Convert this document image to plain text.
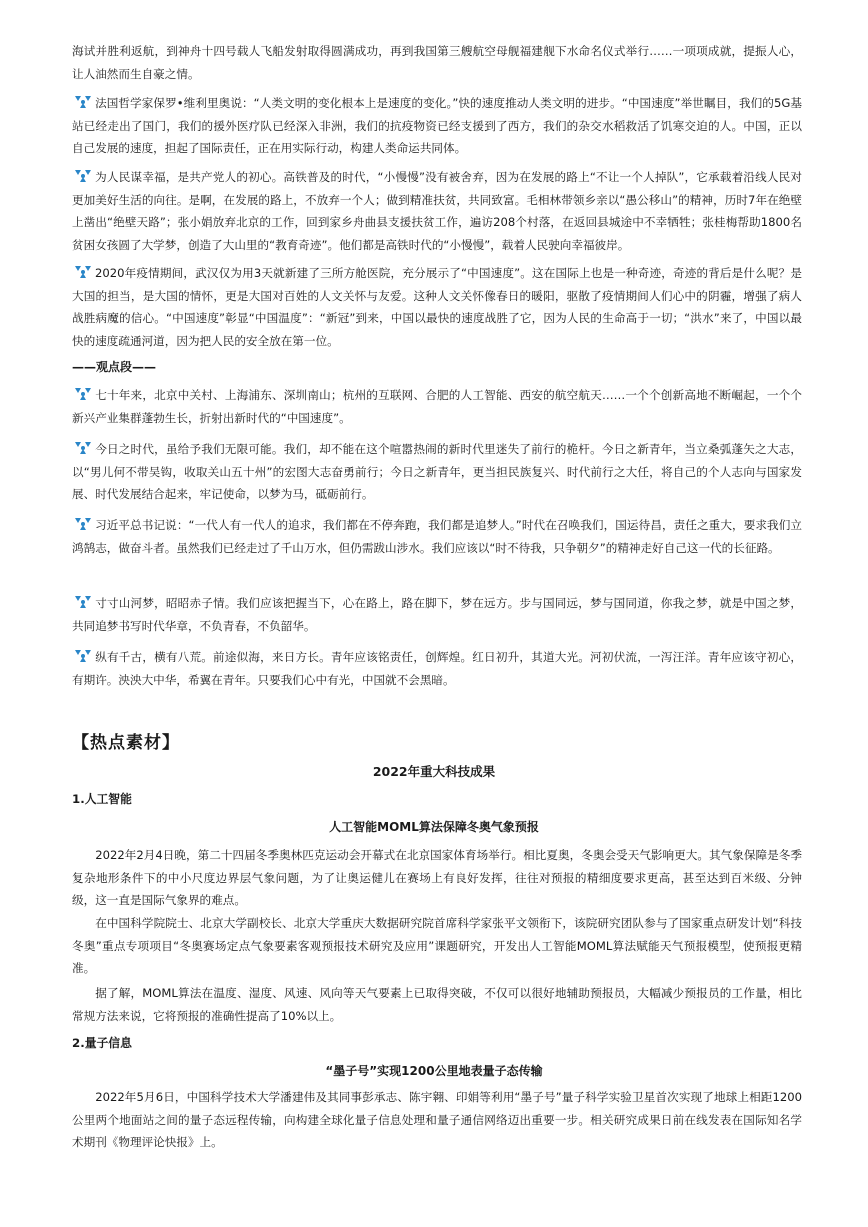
海试并胜利返航，到神舟十四号载人飞船发射取得圆满成功，再到我国第三艘航空母舰福建舰下水命名仪式举行……一项项成就，提振人心，让人油然而生自豪之情。

法国哲学家保罗•维利里奥说：“人类文明的变化根本上是速度的变化。”快的速度推动人类文明的进步。“中国速度”举世瞩目，我们的5G基站已经走出了国门，我们的援外医疗队已经深入非洲，我们的抗疫物资已经支援到了西方，我们的杂交水稻救活了饥寒交迫的人。中国，正以自己发展的速度，担起了国际责任，正在用实际行动，构建人类命运共同体。

为人民谋幸福，是共产党人的初心。高铁普及的时代，“小慢慢”没有被舍弃，因为在发展的路上“不让一个人掉队”，它承载着沿线人民对更加美好生活的向往。是啊，在发展的路上，不放弃一个人；做到精准扶贫，共同致富。毛相林带领乡亲以“愚公移山”的精神，历时7年在绝壁上凿出“绝壁天路”；张小娟放弃北京的工作，回到家乡舟曲县支援扶贫工作，遍访208个村落，在返回县城途中不幸牺牲；张桂梅帮助1800名贫困女孩圆了大学梦，创造了大山里的“教育奇迹”。他们都是高铁时代的“小慢慢”，载着人民驶向幸福彼岸。

2020年疫情期间，武汉仅为用3天就新建了三所方舱医院，充分展示了“中国速度”。这在国际上也是一种奇迹，奇迹的背后是什么呢？是大国的担当，是大国的情怀，更是大国对百姓的人文关怀与友爱。这种人文关怀像春日的暖阳，驱散了疫情期间人们心中的阴霾，增强了病人战胜病魔的信心。“中国速度”彰显“中国温度”：“新冠”到来，中国以最快的速度战胜了它，因为人民的生命高于一切；“洪水”来了，中国以最快的速度疏通河道，因为把人民的安全放在第一位。

——观点段——

七十年来，北京中关村、上海浦东、深圳南山；杭州的互联网、合肥的人工智能、西安的航空航天……一个个创新高地不断崛起，一个个新兴产业集群蓬勃生长，折射出新时代的“中国速度”。

今日之时代，虽给予我们无限可能。我们，却不能在这个喧嚣热闹的新时代里迷失了前行的桅杆。今日之新青年，当立桑弧蓬矢之大志，以“男儿何不带吴钩，收取关山五十州”的宏图大志奋勇前行；今日之新青年，更当担民族复兴、时代前行之大任，将自己的个人志向与国家发展、时代发展结合起来，牢记使命，以梦为马，砥砺前行。

习近平总书记说：“一代人有一代人的追求，我们都在不停奔跑，我们都是追梦人。”时代在召唤我们，国运待昌，责任之重大，要求我们立鸿鹄志，做奋斗者。虽然我们已经走过了千山万水，但仍需跋山涉水。我们应该以“时不待我，只争朝夕”的精神走好自己这一代的长征路。

寸寸山河梦，昭昭赤子情。我们应该把握当下，心在路上，路在脚下，梦在远方。步与国同远，梦与国同道，你我之梦，就是中国之梦，共同追梦书写时代华章，不负青春，不负韶华。

纵有千古，横有八荒。前途似海，来日方长。青年应该铭责任，创辉煌。红日初升，其道大光。河初伏流，一泻汪洋。青年应该守初心，有期许。泱泱大中华，希翼在青年。只要我们心中有光，中国就不会黑暗。

【热点素材】

2022年重大科技成果

1.人工智能

人工智能MOML算法保障冬奥气象预报

2022年2月4日晚，第二十四届冬季奥林匹克运动会开幕式在北京国家体育场举行。相比夏奥，冬奥会受天气影响更大。其气象保障是冬季复杂地形条件下的中小尺度边界层气象问题，为了让奥运健儿在赛场上有良好发挥，往往对预报的精细度要求更高，甚至达到百米级、分钟级，这一直是国际气象界的难点。

在中国科学院院士、北京大学副校长、北京大学重庆大数据研究院首席科学家张平文领衔下，该院研究团队参与了国家重点研发计划“科技冬奥”重点专项项目“冬奥赛场定点气象要素客观预报技术研究及应用”课题研究，开发出人工智能MOML算法赋能天气预报模型，使预报更精准。

据了解，MOML算法在温度、湿度、风速、风向等天气要素上已取得突破，不仅可以很好地辅助预报员，大幅减少预报员的工作量，相比常规方法来说，它将预报的准确性提高了10%以上。

2.量子信息

“墨子号”实现1200公里地表量子态传输

2022年5月6日，中国科学技术大学潘建伟及其同事彭承志、陈宇翱、印娟等利用“墨子号”量子科学实验卫星首次实现了地球上相距1200公里两个地面站之间的量子态远程传输，向构建全球化量子信息处理和量子通信网络迈出重要一步。相关研究成果日前在线发表在国际知名学术期刊《物理评论快报》上。
